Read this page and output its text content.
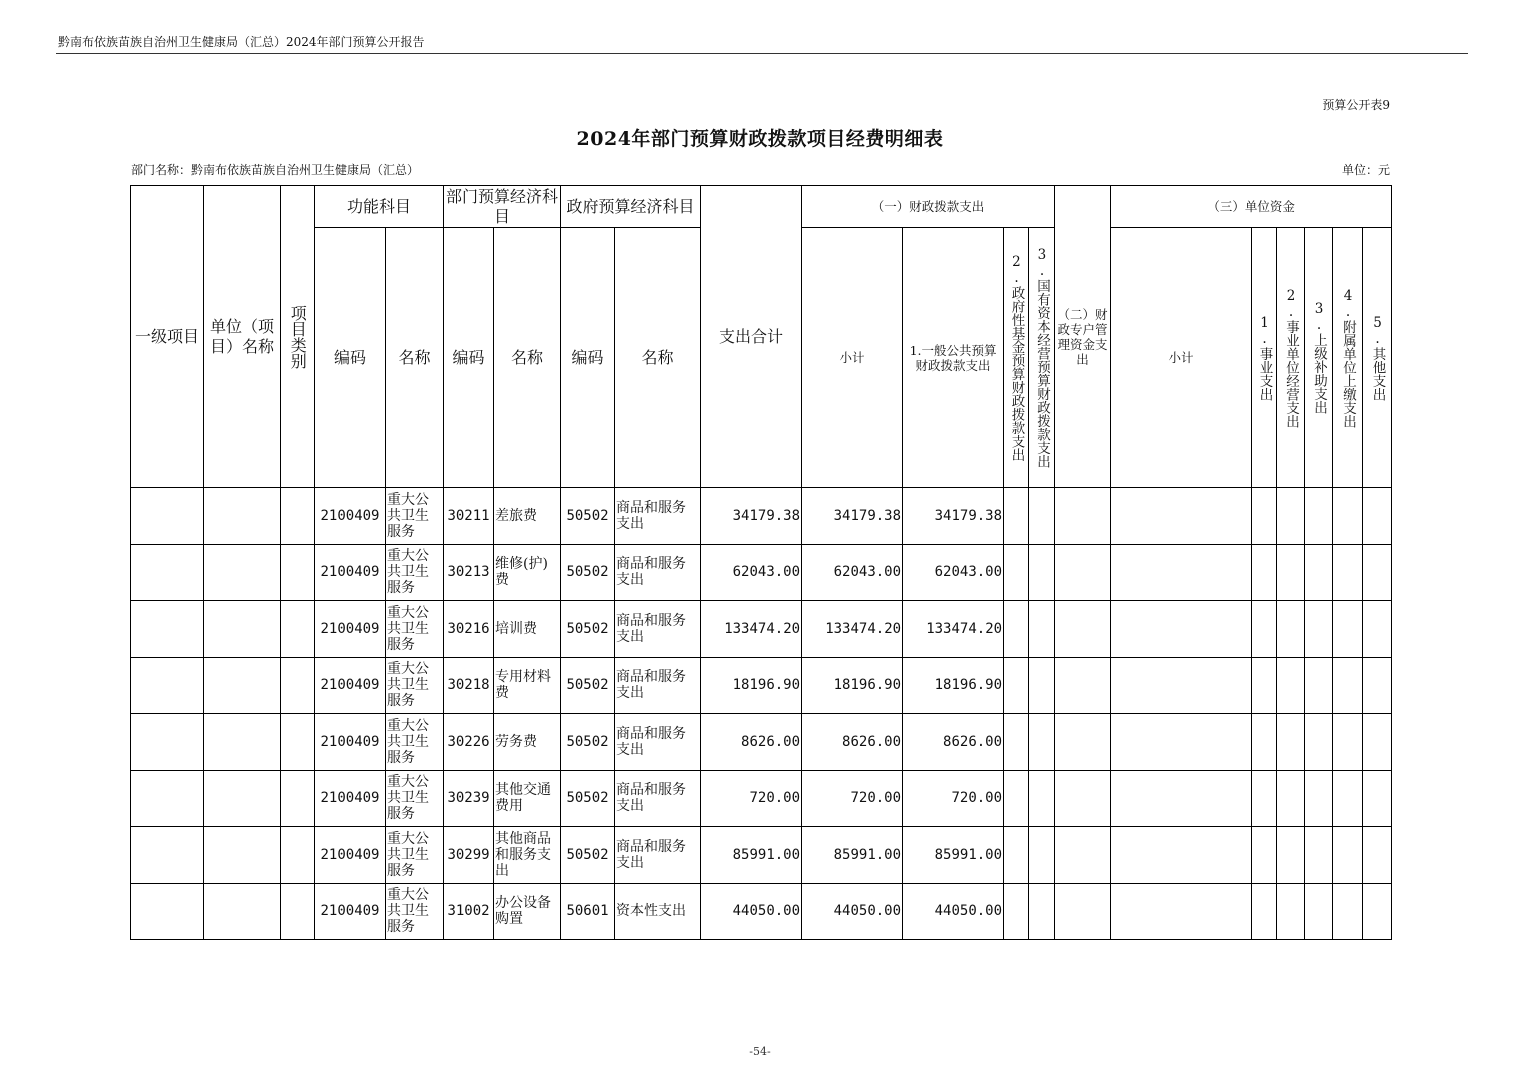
黔南布依族苗族自治州卫生健康局（汇总）2024年部门预算公开报告
预算公开表9
2024年部门预算财政拨款项目经费明细表
部门名称：黔南布依族苗族自治州卫生健康局（汇总）	单位：元
一级项目	单位（项目）名称	项目类别	功能科目		部门预算经济科目		政府预算经济科目		支出合计	（一）财政拨款支出				（二）财政专户管理资金支出	（三）单位资金					
			编码	名称	编码	名称	编码	名称		小计	1.一般公共预算财政拨款支出	2.政府性基金预算财政拨款支出	3.国有资本经营预算财政拨款支出		小计	1.事业支出	2.事业单位经营支出	3.上级补助支出	4.附属单位上缴支出	5.其他支出

			2100409	重大公共卫生服务	30211	差旅费	50502	商品和服务支出	34179.38	34179.38	34179.38									
			2100409	重大公共卫生服务	30213	维修(护)费	50502	商品和服务支出	62043.00	62043.00	62043.00									
			2100409	重大公共卫生服务	30216	培训费	50502	商品和服务支出	133474.20	133474.20	133474.20									
			2100409	重大公共卫生服务	30218	专用材料费	50502	商品和服务支出	18196.90	18196.90	18196.90									
			2100409	重大公共卫生服务	30226	劳务费	50502	商品和服务支出	8626.00	8626.00	8626.00									
			2100409	重大公共卫生服务	30239	其他交通费用	50502	商品和服务支出	720.00	720.00	720.00									
			2100409	重大公共卫生服务	30299	其他商品和服务支出	50502	商品和服务支出	85991.00	85991.00	85991.00									
			2100409	重大公共卫生服务	31002	办公设备购置	50601	资本性支出	44050.00	44050.00	44050.00									
-54-
